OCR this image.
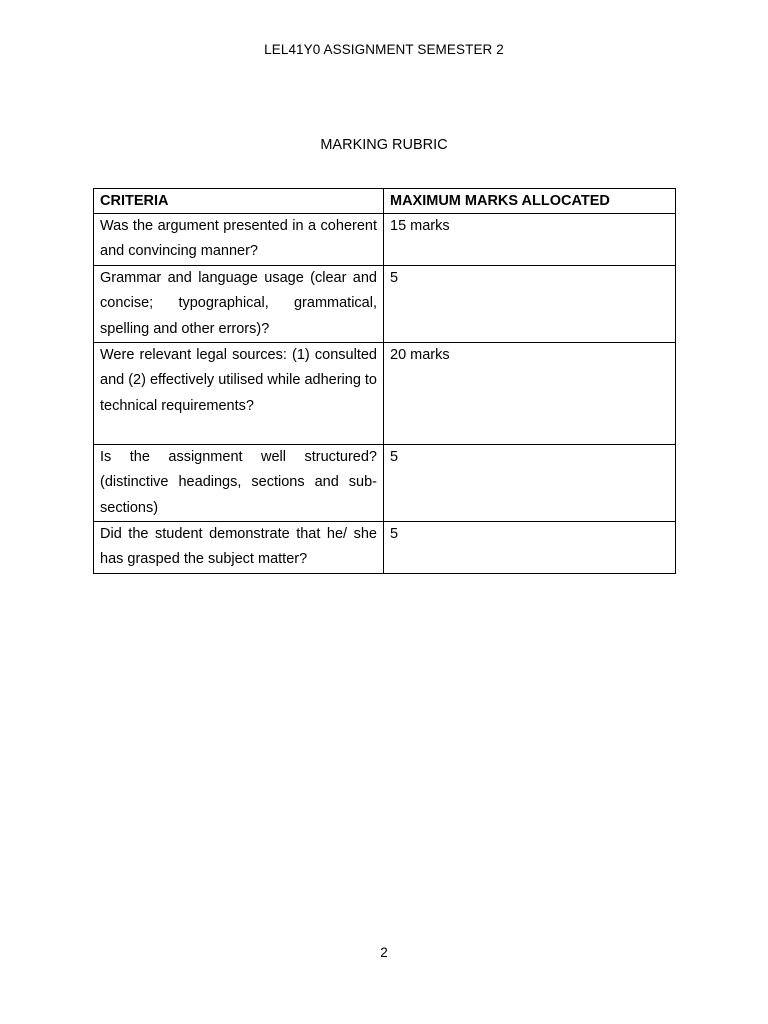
LEL41Y0 ASSIGNMENT SEMESTER 2
MARKING RUBRIC
CRITERIA	MAXIMUM MARKS ALLOCATED
Was the argument presented in a coherent and convincing manner?	15 marks
Grammar and language usage (clear and concise; typographical, grammatical, spelling and other errors)?	5
Were relevant legal sources: (1) consulted and (2) effectively utilised while adhering to technical requirements?	20 marks
Is the assignment well structured? (distinctive headings, sections and sub-sections)	5
Did the student demonstrate that he/ she has grasped the subject matter?	5
2
